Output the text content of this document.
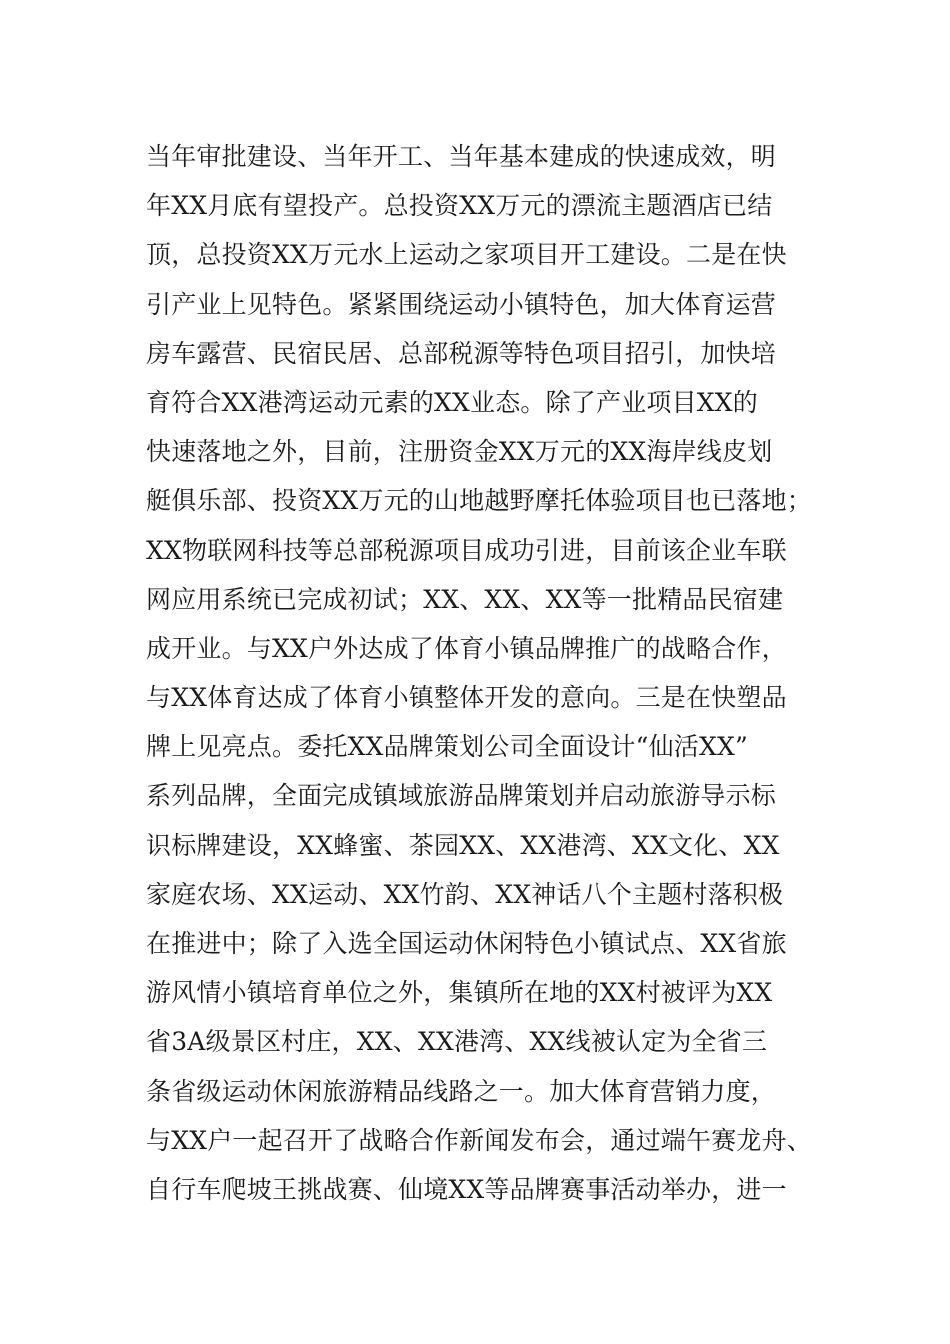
当年审批建设、当年开工、当年基本建成的快速成效，明
年XX月底有望投产。总投资XX万元的漂流主题酒店已结
顶，总投资XX万元水上运动之家项目开工建设。二是在快
引产业上见特色。紧紧围绕运动小镇特色，加大体育运营
房车露营、民宿民居、总部税源等特色项目招引，加快培
育符合XX港湾运动元素的XX业态。除了产业项目XX的
快速落地之外，目前，注册资金XX万元的XX海岸线皮划
艇俱乐部、投资XX万元的山地越野摩托体验项目也已落地；
XX物联网科技等总部税源项目成功引进，目前该企业车联
网应用系统已完成初试；XX、XX、XX等一批精品民宿建
成开业。与XX户外达成了体育小镇品牌推广的战略合作，
与XX体育达成了体育小镇整体开发的意向。三是在快塑品
牌上见亮点。委托XX品牌策划公司全面设计“仙活XX”
系列品牌，全面完成镇域旅游品牌策划并启动旅游导示标
识标牌建设，XX蜂蜜、茶园XX、XX港湾、XX文化、XX
家庭农场、XX运动、XX竹韵、XX神话八个主题村落积极
在推进中；除了入选全国运动休闲特色小镇试点、XX省旅
游风情小镇培育单位之外，集镇所在地的XX村被评为XX
省3A级景区村庄，XX、XX港湾、XX线被认定为全省三
条省级运动休闲旅游精品线路之一。加大体育营销力度，
与XX户一起召开了战略合作新闻发布会，通过端午赛龙舟、
自行车爬坡王挑战赛、仙境XX等品牌赛事活动举办，进一
